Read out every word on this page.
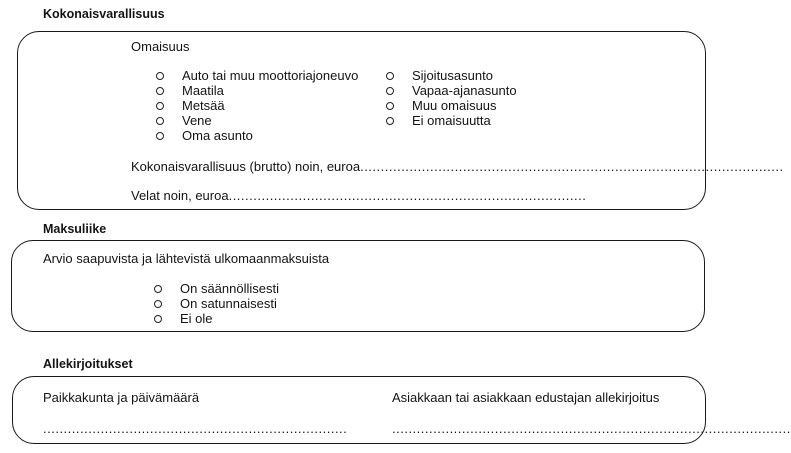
Kokonaisvarallisuus
Omaisuus
Auto tai muu moottoriajoneuvo
Maatila
Metsää
Vene
Oma asunto
Sijoitusasunto
Vapaa-ajanasunto
Muu omaisuus
Ei omaisuutta
Kokonaisvarallisuus (brutto) noin, euroa.......................................................................................................
Velat noin, euroa.......................................................................................
Maksuliike
Arvio saapuvista ja lähtevistä ulkomaanmaksuista
On säännöllisesti
On satunnaisesti
Ei ole
Allekirjoitukset
Paikkakunta ja päivämäärä
..........................................................................
Asiakkaan tai asiakkaan edustajan allekirjoitus
.................................................................................................
